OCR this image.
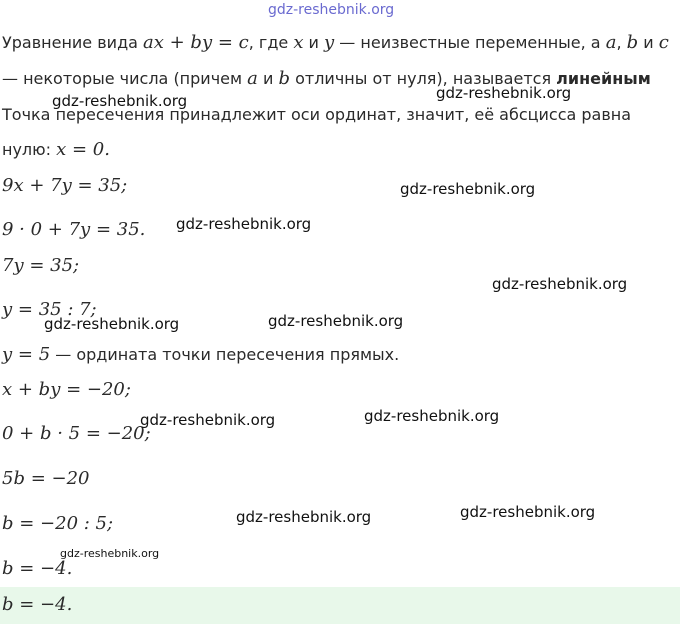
Уравнение вида ax + by = c, где x и y — неизвестные переменные, а a, b и c
— некоторые числа (причем a и b отличны от нуля), называется линейным
Точка пересечения принадлежит оси ординат, значит, её абсцисса равна
нулю: x = 0.
9x + 7y = 35;
9 · 0 + 7y = 35.
7y = 35;
y = 35 : 7;
y = 5 — ордината точки пересечения прямых.
x + by = −20;
0 + b · 5 = −20;
5b = −20
b = −20 : 5;
b = −4.
b = −4.
gdz-reshebnik.org
gdz-reshebnik.org	gdz-reshebnik.org
gdz-reshebnik.org
gdz-reshebnik.org
gdz-reshebnik.org
gdz-reshebnik.org	gdz-reshebnik.org
gdz-reshebnik.org	gdz-reshebnik.org
gdz-reshebnik.org	gdz-reshebnik.org
gdz-reshebnik.org
